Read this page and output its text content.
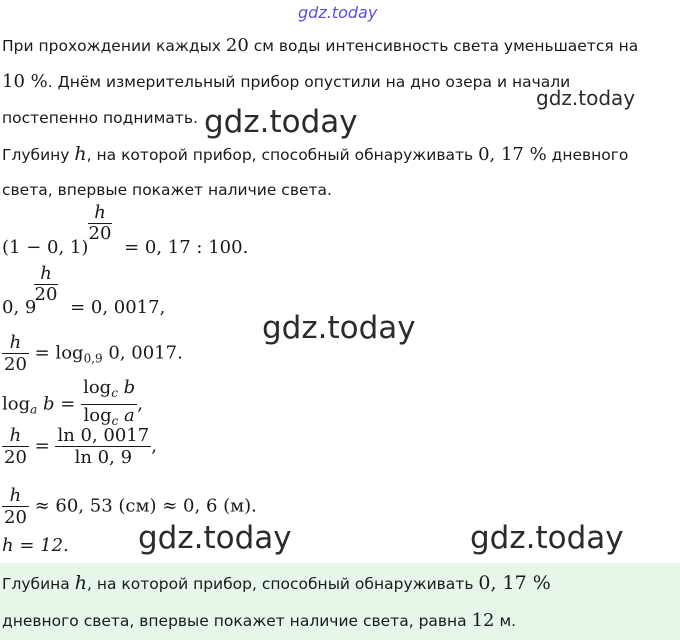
gdz.today
При прохождении каждых 20 см воды интенсивность света уменьшается на
10 %. Днём измерительный прибор опустили на дно озера и начали
gdz.today
постепенно поднимать. gdz.today
Глубину h, на которой прибор, способный обнаруживать 0, 17 % дневного
света, впервые покажет наличие света.
$\frac{h}{20}$
(1 − 0, 1) = 0, 17 : 100.
$\frac{h}{20}$
0, 9 = 0, 0017,
gdz.today
$\frac{h}{20} = \log_{0,9} 0$, 0017.
$\log_a b = \frac{\log_c b}{\log_c a}$ ,
$\frac{h}{20} = \frac{\ln 0, 0017}{\ln 0, 9}$ ,
$\frac{h}{20} \approx 60$, 53 (см) ≈ 0, 6 (м).
h = 12. gdz.today	gdz.today
Глубина h, на которой прибор, способный обнаруживать 0, 17 %
дневного света, впервые покажет наличие света, равна 12 м.
